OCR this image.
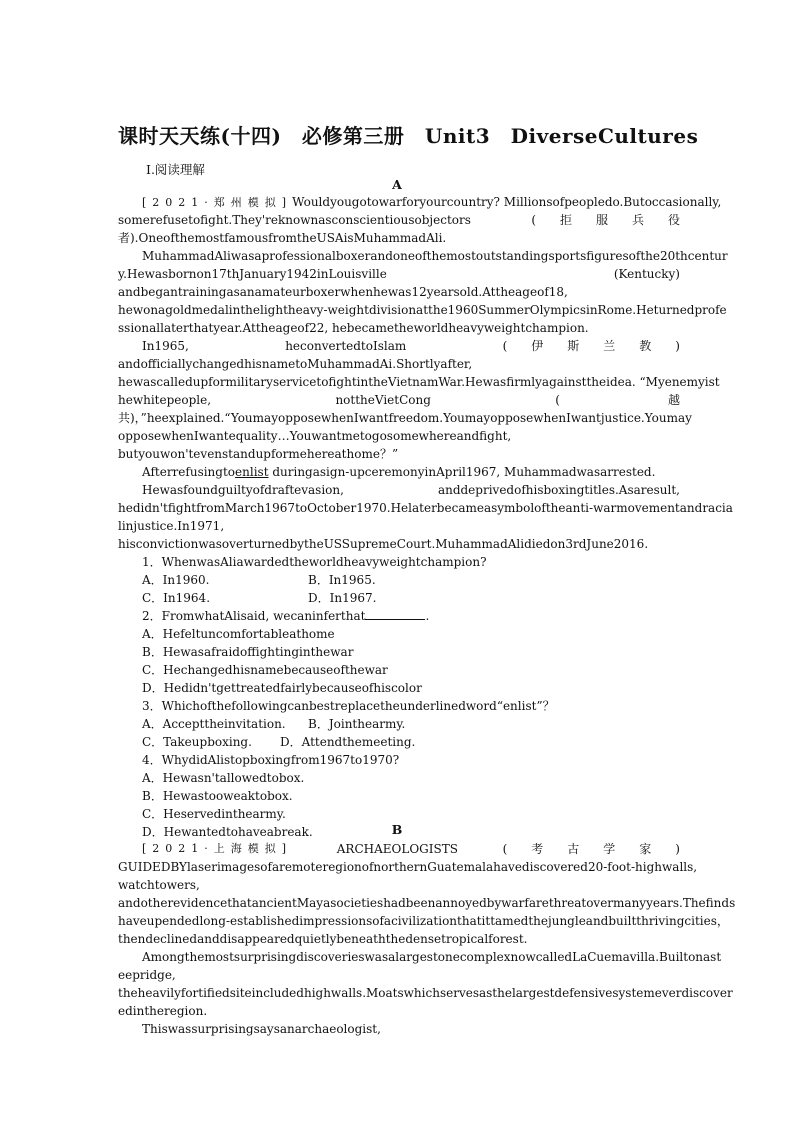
课时天天练(十四)　必修第三册　Unit3　DiverseCultures
Ⅰ.阅读理解
A
[2021·郑州模拟]Wouldyougotowarforyourcountry? Millionsofpeopledo.Butoccasionally,
somerefusetofight.They'reknownasconscientiousobjectors	(　　拒　　服　　兵　　役
者).OneofthemostfamousfromtheUSAisMuhammadAli.
MuhammadAliwasaprofessionalboxerandoneofthemostoutstandingsportsfiguresofthe20thcentur
y.Hewasbornon17thJanuary1942inLouisville	(Kentucky)
andbegantrainingasanamateurboxerwhenhewas12yearsold.Attheageof18,
hewonagoldmedalinthelightheavy-weightdivisionatthe1960SummerOlympicsinRome.Heturnedprofe
ssionallaterthatyear.Attheageof22, hebecametheworldheavyweightchampion.
In1965,	heconvertedtoIslam	(　　伊　　斯　　兰　　教　　)
andofficiallychangedhisnametoMuhammadAi.Shortlyafter,
hewascalledupformilitaryservicetofightintheVietnamWar.Hewasfirmlyagainsttheidea. “Myenemyist
hewhitepeople,	nottheVietCong	(　　　　　　　　　越
共)，”heexplained.“YoumayopposewhenIwantfreedom.YoumayopposewhenIwantjustice.Youmay
opposewhenIwantequality…Youwantmetogosomewhereandfight,
butyouwon'tevenstandupformehereathome？”
Afterrefusingtoenlist duringasign-upceremonyinApril1967, Muhammadwasarrested.
Hewasfoundguiltyofdraftevasion,	anddeprivedofhisboxingtitles.Asaresult,
hedidn'tfightfromMarch1967toOctober1970.Helaterbecameasymboloftheanti-warmovementandracia
linjustice.In1971,
hisconvictionwasoverturnedbytheUSSupremeCourt.MuhammadAlidiedon3rdJune2016.
1．WhenwasAliawardedtheworldheavyweightchampion?
A．In1960.	B．In1965.
C．In1964.	D．In1967.
2．FromwhatAlisaid, wecaninferthat	.
A．Hefeltuncomfortableathome
B．Hewasafraidoffightinginthewar
C．Hechangedhisnamebecauseofthewar
D．Hedidn'tgettreatedfairlybecauseofhiscolor
3．Whichofthefollowingcanbestreplacetheunderlinedword“enlist”？
A．Accepttheinvitation. B．Jointhearmy.
C．Takeupboxing. D．Attendthemeeting.
4．WhydidAlistopboxingfrom1967to1970?
A．Hewasn'tallowedtobox.
B．Hewastooweaktobox.
C．Heservedinthearmy.
D．Hewantedtohaveabreak.	B
[2021·上海模拟]	ARCHAEOLOGISTS	(　　考　　古　　学　　家　　)
GUIDEDBYlaserimagesofaremoteregionofnorthernGuatemalahavediscovered20-foot-highwalls,
watchtowers,
andotherevidencethatancientMayasocietieshadbeenannoyedbywarfarethreatovermanyyears.Thefinds
haveupendedlong-establishedimpressionsofacivilizationthatittamedthejungleandbuiltthrivingcities ，
thendeclinedanddisappearedquietlybeneaththedensetropicalforest.
AmongthemostsurprisingdiscoverieswasalargestonecomplexnowcalledLaCuemavilla.Builtonast
eepridge,
theheavilyfortifiedsiteincludedhighwalls.Moatswhichservesasthelargestdefensivesystemeverdiscover
edintheregion.
Thiswassurprisingsaysanarchaeologist,
